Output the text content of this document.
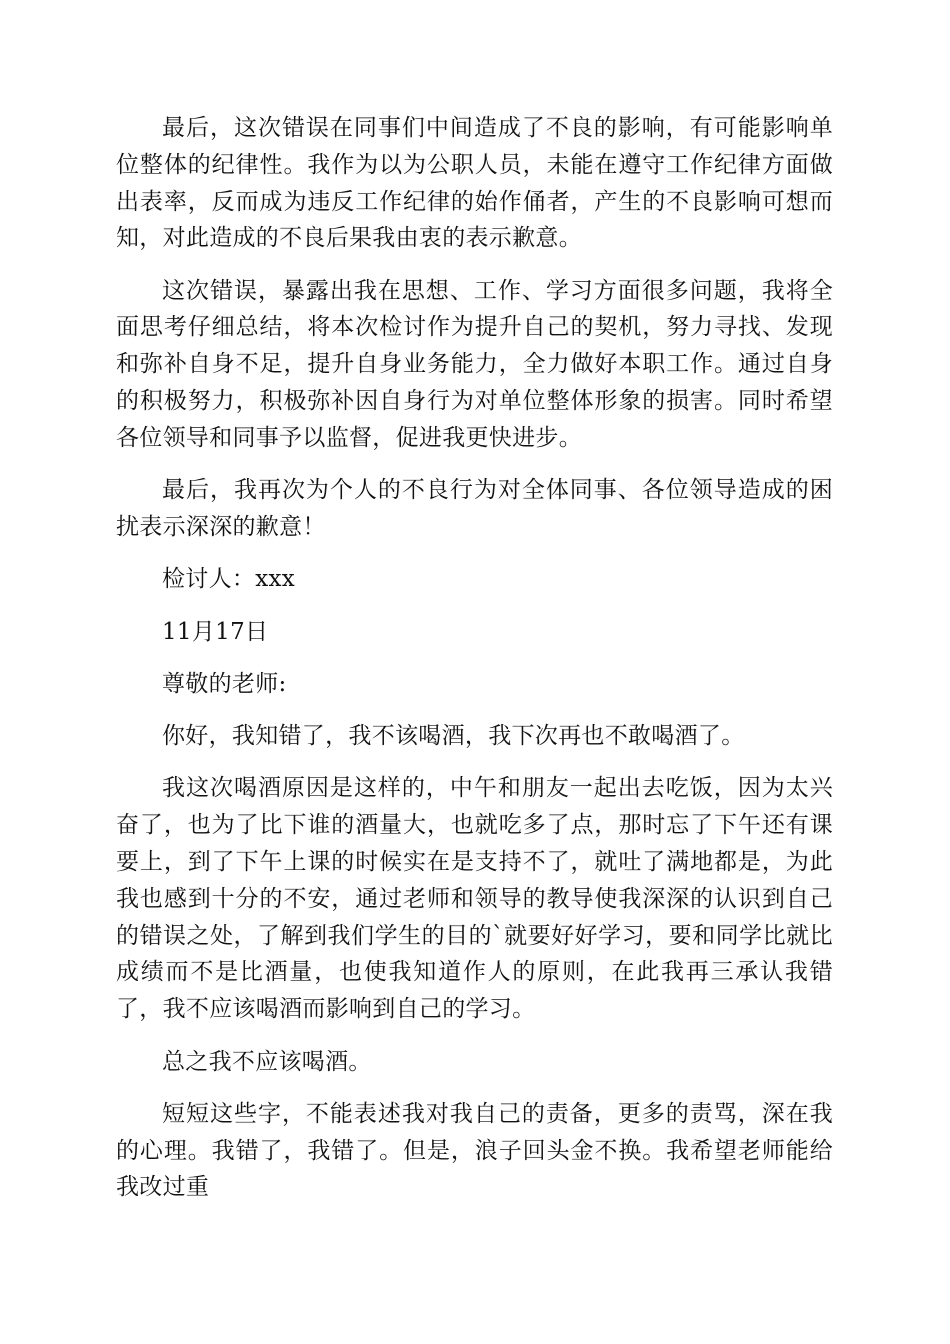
最后，这次错误在同事们中间造成了不良的影响，有可能影响单位整体的纪律性。我作为以为公职人员，未能在遵守工作纪律方面做出表率，反而成为违反工作纪律的始作俑者，产生的不良影响可想而知，对此造成的不良后果我由衷的表示歉意。

这次错误，暴露出我在思想、工作、学习方面很多问题，我将全面思考仔细总结，将本次检讨作为提升自己的契机，努力寻找、发现和弥补自身不足，提升自身业务能力，全力做好本职工作。通过自身的积极努力，积极弥补因自身行为对单位整体形象的损害。同时希望各位领导和同事予以监督，促进我更快进步。

最后，我再次为个人的不良行为对全体同事、各位领导造成的困扰表示深深的歉意！

检讨人：xxx

11月17日

尊敬的老师:

你好，我知错了，我不该喝酒，我下次再也不敢喝酒了。

我这次喝酒原因是这样的，中午和朋友一起出去吃饭，因为太兴奋了，也为了比下谁的酒量大，也就吃多了点，那时忘了下午还有课要上，到了下午上课的时候实在是支持不了，就吐了满地都是，为此我也感到十分的不安，通过老师和领导的教导使我深深的认识到自己的错误之处，了解到我们学生的目的`就要好好学习，要和同学比就比成绩而不是比酒量，也使我知道作人的原则，在此我再三承认我错了，我不应该喝酒而影响到自己的学习。

总之我不应该喝酒。

短短这些字，不能表述我对我自己的责备，更多的责骂，深在我的心理。我错了，我错了。但是，浪子回头金不换。我希望老师能给我改过重
